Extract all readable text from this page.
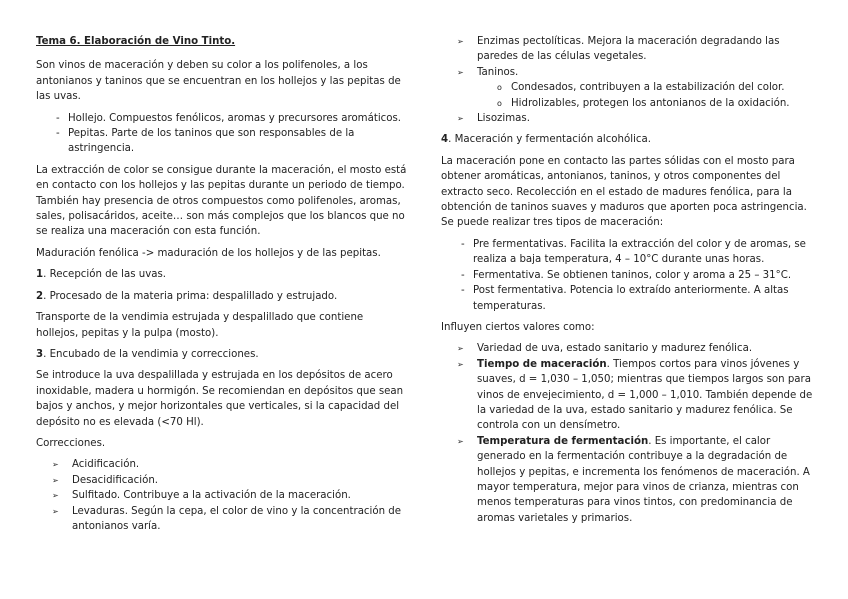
Tema 6. Elaboración de Vino Tinto.

Son vinos de maceración y deben su color a los polifenoles, a los antonianos y taninos que se encuentran en los hollejos y las pepitas de las uvas.

- Hollejo. Compuestos fenólicos, aromas y precursores aromáticos.
- Pepitas. Parte de los taninos que son responsables de la astringencia.

La extracción de color se consigue durante la maceración, el mosto está en contacto con los hollejos y las pepitas durante un periodo de tiempo. También hay presencia de otros compuestos como polifenoles, aromas, sales, polisacáridos, aceite… son más complejos que los blancos que no se realiza una maceración con esta función.

Maduración fenólica -> maduración de los hollejos y de las pepitas.

1. Recepción de las uvas.

2. Procesado de la materia prima: despalillado y estrujado.

Transporte de la vendimia estrujada y despalillado que contiene hollejos, pepitas y la pulpa (mosto).

3. Encubado de la vendimia y correcciones.

Se introduce la uva despalillada y estrujada en los depósitos de acero inoxidable, madera u hormigón. Se recomiendan en depósitos que sean bajos y anchos, y mejor horizontales que verticales, si la capacidad del depósito no es elevada (<70 Hl).

Correcciones.

➢ Acidificación.
➢ Desacidificación.
➢ Sulfitado. Contribuye a la activación de la maceración.
➢ Levaduras. Según la cepa, el color de vino y la concentración de antonianos varía.
➢ Enzimas pectolíticas. Mejora la maceración degradando las paredes de las células vegetales.
➢ Taninos.
o Condesados, contribuyen a la estabilización del color.
o Hidrolizables, protegen los antonianos de la oxidación.
➢ Lisozimas.

4. Maceración y fermentación alcohólica.

La maceración pone en contacto las partes sólidas con el mosto para obtener aromáticas, antonianos, taninos, y otros componentes del extracto seco. Recolección en el estado de madures fenólica, para la obtención de taninos suaves y maduros que aporten poca astringencia. Se puede realizar tres tipos de maceración:

- Pre fermentativas. Facilita la extracción del color y de aromas, se realiza a baja temperatura, 4 – 10°C durante unas horas.
- Fermentativa. Se obtienen taninos, color y aroma a 25 – 31°C.
- Post fermentativa. Potencia lo extraído anteriormente. A altas temperaturas.

Influyen ciertos valores como:

➢ Variedad de uva, estado sanitario y madurez fenólica.
➢ Tiempo de maceración. Tiempos cortos para vinos jóvenes y suaves, d = 1,030 – 1,050; mientras que tiempos largos son para vinos de envejecimiento, d = 1,000 – 1,010. También depende de la variedad de la uva, estado sanitario y madurez fenólica. Se controla con un densímetro.
➢ Temperatura de fermentación. Es importante, el calor generado en la fermentación contribuye a la degradación de hollejos y pepitas, e incrementa los fenómenos de maceración. A mayor temperatura, mejor para vinos de crianza, mientras con menos temperaturas para vinos tintos, con predominancia de aromas varietales y primarios.
